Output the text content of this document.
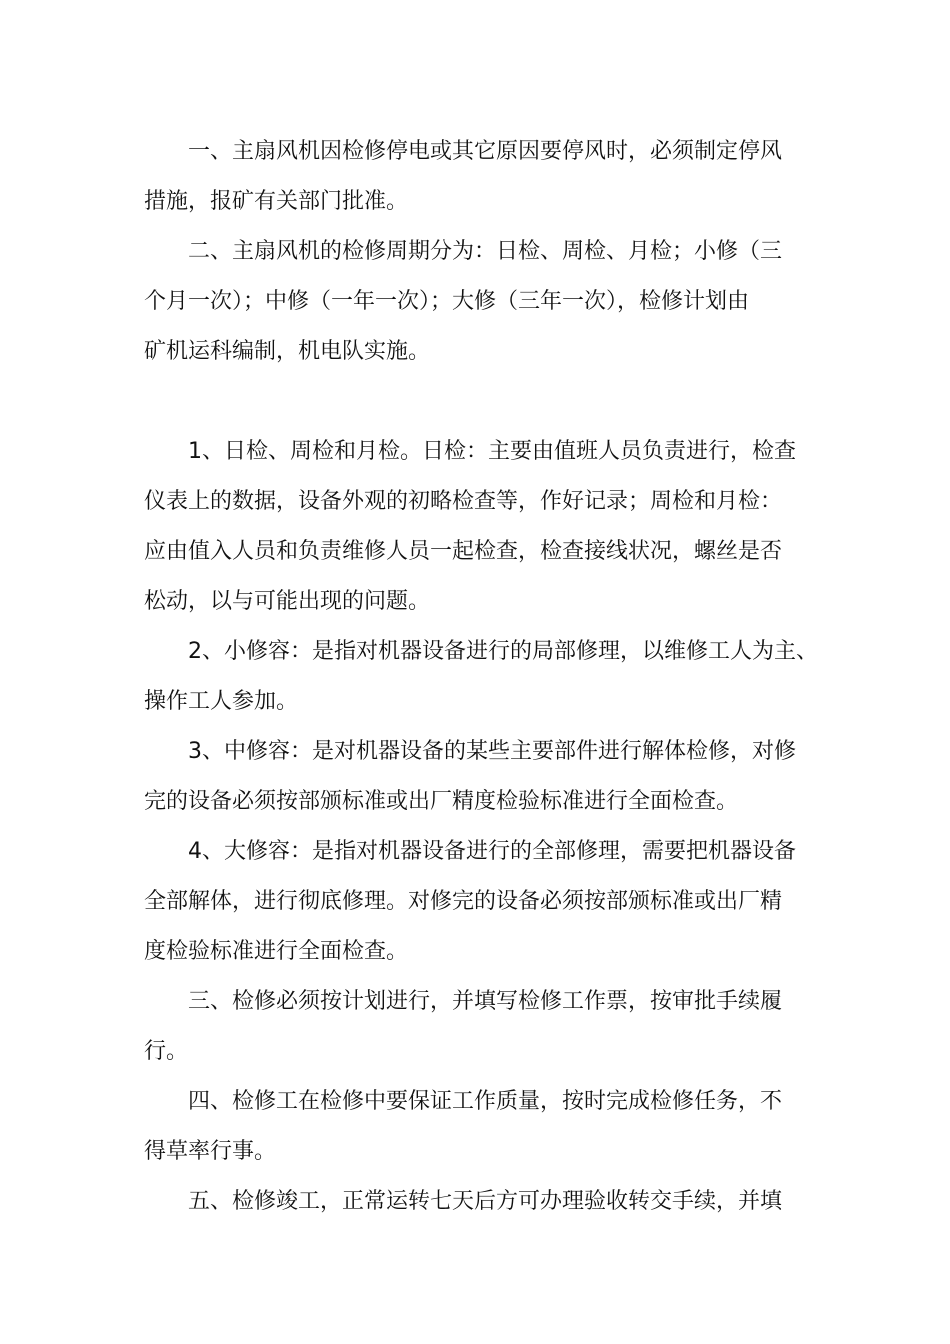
一、主扇风机因检修停电或其它原因要停风时，必须制定停风
措施，报矿有关部门批准。
二、主扇风机的检修周期分为：日检、周检、月检；小修（三
个月一次）；中修（一年一次）；大修（三年一次），检修计划由
矿机运科编制，机电队实施。
1、日检、周检和月检。日检：主要由值班人员负责进行，检查
仪表上的数据，设备外观的初略检查等，作好记录；周检和月检：
应由值入人员和负责维修人员一起检查，检查接线状况，螺丝是否
松动，以与可能出现的问题。
2、小修容：是指对机器设备进行的局部修理，以维修工人为主、
操作工人参加。
3、中修容：是对机器设备的某些主要部件进行解体检修，对修
完的设备必须按部颁标准或出厂精度检验标准进行全面检查。
4、大修容：是指对机器设备进行的全部修理，需要把机器设备
全部解体，进行彻底修理。对修完的设备必须按部颁标准或出厂精
度检验标准进行全面检查。
三、检修必须按计划进行，并填写检修工作票，按审批手续履
行。
四、检修工在检修中要保证工作质量，按时完成检修任务，不
得草率行事。
五、检修竣工，正常运转七天后方可办理验收转交手续，并填
